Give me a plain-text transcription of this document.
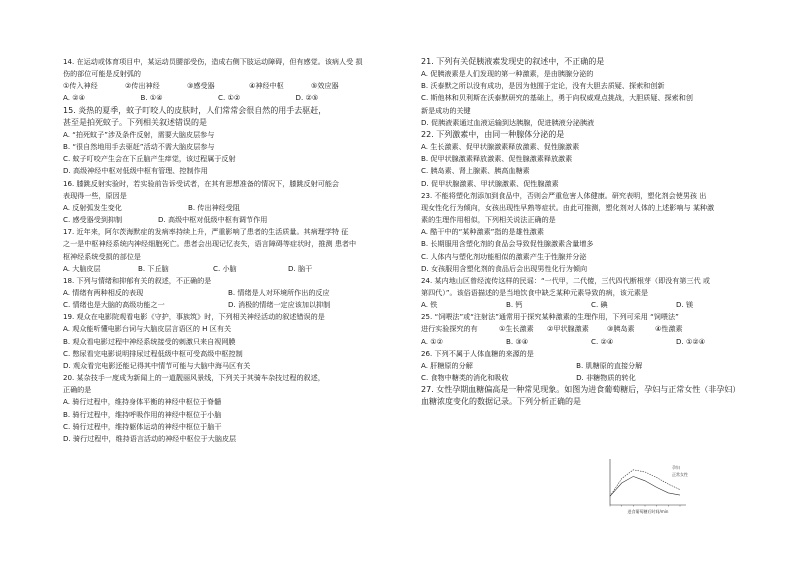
14. 在运动或体育项目中，某运动员腰部受伤，造成右侧下肢运动障碍，但有感觉。该病人受 损
伤的部位可能是反射弧的
①传入神经	②传出神经	③感受器	④神经中枢	⑤效应器
A. ②④	B. ①④	C. ①②	D. ②⑤
15. 炎热的夏季，蚊子叮咬人的皮肤时，人们常常会很自然的用手去驱赶，
甚至是拍死蚊子。下列相关叙述错误的是
A. “拍死蚊子”涉及条件反射，需要大脑皮层参与
B. “很自然地用手去驱赶”活动不需大脑皮层参与
C. 蚊子叮咬产生会在下丘脑产生痒觉，该过程属于反射
D. 高级神经中枢对低级中枢有管理、控制作用
16. 膝跳反射实验时，若实验前告诉受试者，在其有思想准备的情况下，膝跳反射可能会
表现得一些，原因是
A. 反射弧发生变化	B. 传出神经受阻
C. 感受器受到抑制	D. 高级中枢对低级中枢有调节作用
17. 近年来，阿尔茨海默症的发病率持续上升，严重影响了患者的生活质量。其病理学特 征
之一是中枢神经系统内神经细胞死亡。患者会出现记忆丧失，语言障碍等症状时，推测 患者中
枢神经系统受损的部位是
A. 大脑皮层	B. 下丘脑	C. 小脑	D. 脑干
18. 下列与情绪和抑郁有关的叙述，不正确的是
A. 情绪有两种相反的表现	B. 情绪是人对环境所作出的反应
C. 情绪也是大脑的高级功能之一	D. 消极的情绪一定应该加以抑制
19. 观众在电影院观看电影《守护，事族筑》时，下列相关神经活动的叙述错误的是
A. 观众能听懂电影台词与大脑皮层言语区的 H 区有关
B. 观众看电影过程中神经系统接受的刺激只来自视网膜
C. 憋尿看完电影说明排尿过程低级中枢可受高级中枢控制
D. 观众看完电影还能记得其中情节可能与大脑中海马区有关
20. 某杂技手一度成为新闻上的一道靓丽风景线，下列关于其骑车杂技过程的叙述，
正确的是
A. 骑行过程中，维持身体平衡的神经中枢位于脊髓
B. 骑行过程中，维持呼吸作用的神经中枢位于小脑
C. 骑行过程中，维持躯体运动的神经中枢位于脑干
D. 骑行过程中，维持语言活动的神经中枢位于大脑皮层
21. 下列有关促胰液素发现史的叙述中，不正确的是
A. 促胰液素是人们发现的第一种激素，是由胰腺分泌的
B. 沃泰默之所以没有成功，是因为他囿于定论，没有大胆去质疑、探索和创新
C. 斯他林和贝利斯在沃泰默研究的基础上，勇于向权威观点挑战，大胆质疑、探索和创
新是成功的关键
D. 促胰液素通过血液运输到达胰腺，促进胰液分泌胰液
22. 下列激素中，由同一种腺体分泌的是
A. 生长激素、促甲状腺激素释放激素、促性腺激素
B. 促甲状腺激素释放激素、促性腺激素释放激素
C. 胰岛素、肾上腺素、胰高血糖素
D. 促甲状腺激素、甲状腺激素、促性腺激素
23. 不能将塑化剂添加到食品中，否则会严重危害人体健康。研究表明，塑化剂会使男孩 出
现女性化行为倾向，女孩出现性早熟等症状。由此可推测，塑化剂对人体的上述影响与 某种激
素的生理作用相似，下列相关说法正确的是
A. 酷干中的“某种激素”指的是雄性激素
B. 长期服用含塑化剂的食品会导致促性腺激素含量增多
C. 人体内与塑化剂功能相似的激素产生于性腺并分泌
D. 女孩服用含塑化剂的食品后会出现男性化行为倾向
24. 某内地山区曾经流传这样的民谣：“一代甲，二代傻，三代四代断根芽（即没有第三代 或
第四代）”。该俗语描述的是当地饮食中缺乏某种元素导致的病，该元素是
A. 铁	B. 钙	C. 碘	D. 镁
25. “饲喂法”或“注射法”通常用于探究某种激素的生理作用，下列可采用 “饲喂法”
进行实验探究的有	①生长激素	②甲状腺激素	③胰岛素	④性激素
A. ①②	B. ③④	C. ②④	D. ①②④
26. 下列不属于人体血糖的来源的是
A. 肝糖原的分解	B. 肌糖原的直接分解
C. 食物中糖类的消化和吸收	D. 非糖物质的转化
27. 女性孕期血糖偏高是一种常见现象。如图为进食葡萄糖后，孕妇与正常女性（非孕妇）
血糖浓度变化的数据记录。下列分析正确的是
进食葡萄糖后时间/min
孕妇
正常女性
